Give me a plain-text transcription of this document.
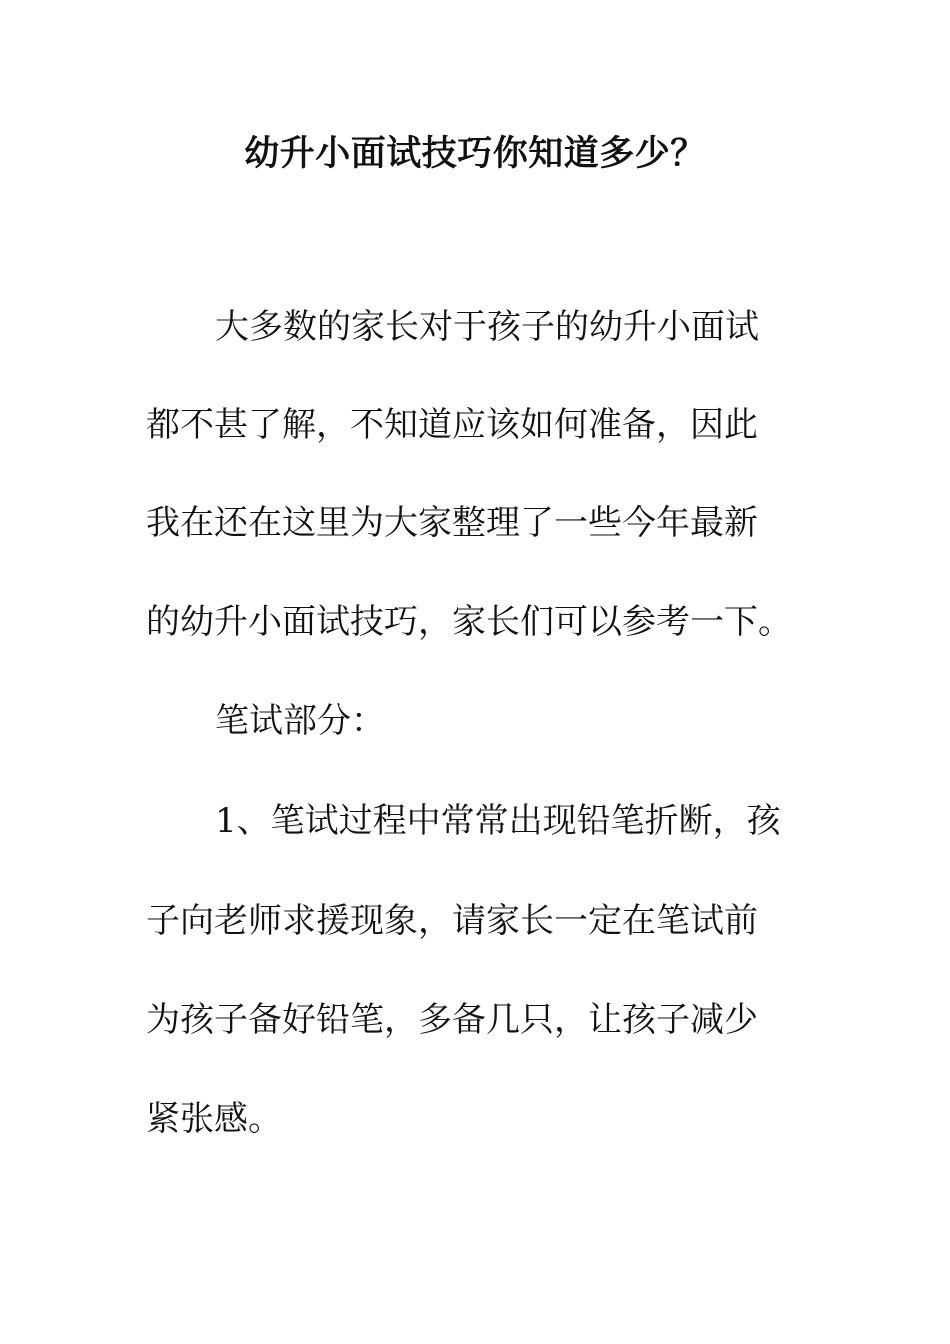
幼升小面试技巧你知道多少？

大多数的家长对于孩子的幼升小面试

都不甚了解，不知道应该如何准备，因此

我在还在这里为大家整理了一些今年最新

的幼升小面试技巧，家长们可以参考一下。

笔试部分：

1、笔试过程中常常出现铅笔折断，孩

子向老师求援现象，请家长一定在笔试前

为孩子备好铅笔，多备几只，让孩子减少

紧张感。
